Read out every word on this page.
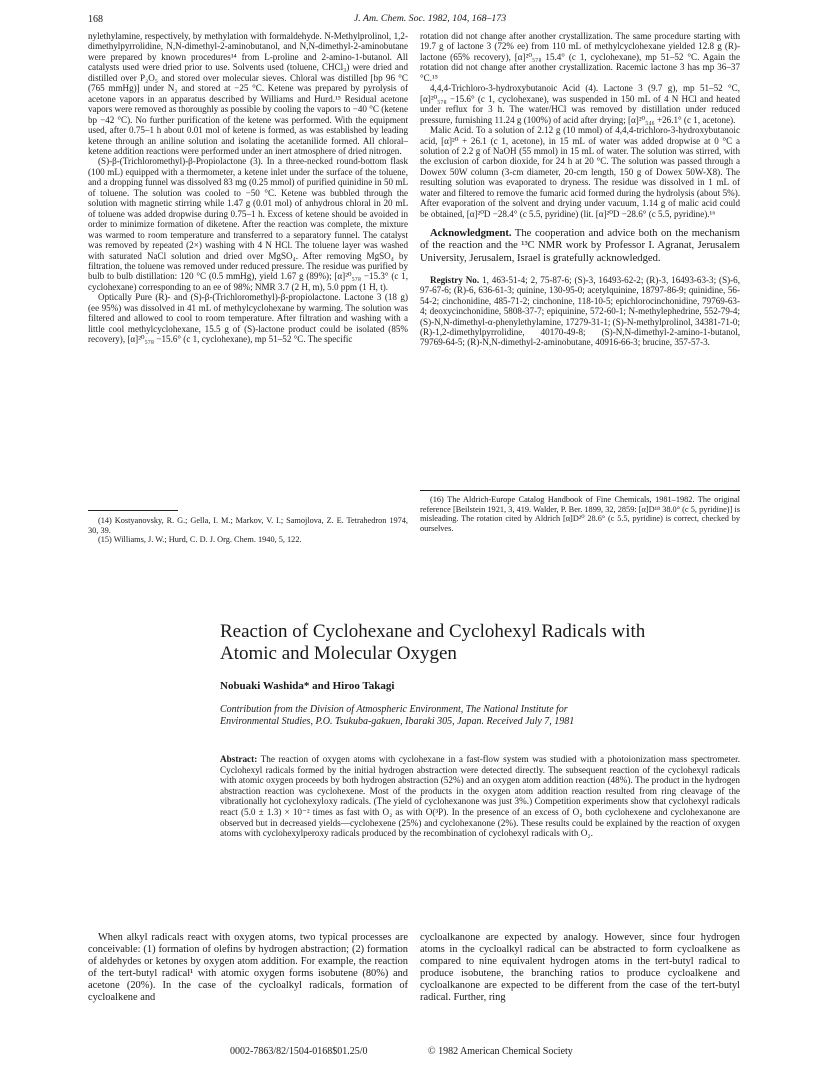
168	J. Am. Chem. Soc. 1982, 104, 168–173

nylethylamine, respectively, by methylation with formaldehyde. N-Methylprolinol, 1,2-dimethylpyrrolidine, N,N-dimethyl-2-aminobutanol, and N,N-dimethyl-2-aminobutane were prepared by known procedures¹⁴ from L-proline and 2-amino-1-butanol. All catalysts used were dried prior to use. Solvents used (toluene, CHCl₃) were dried and distilled over P₂O₅ and stored over molecular sieves. Chloral was distilled [bp 96 °C (765 mmHg)] under N₂ and stored at −25 °C. Ketene was prepared by pyrolysis of acetone vapors in an apparatus described by Williams and Hurd.¹⁵ Residual acetone vapors were removed as thoroughly as possible by cooling the vapors to −40 °C (ketene bp −42 °C). No further purification of the ketene was performed. With the equipment used, after 0.75–1 h about 0.01 mol of ketene is formed, as was established by leading ketene through an aniline solution and isolating the acetanilide formed. All chloral–ketene addition reactions were performed under an inert atmosphere of dried nitrogen.

(S)-β-(Trichloromethyl)-β-Propiolactone (3). In a three-necked round-bottom flask (100 mL) equipped with a thermometer, a ketene inlet under the surface of the toluene, and a dropping funnel was dissolved 83 mg (0.25 mmol) of purified quinidine in 50 mL of toluene. The solution was cooled to −50 °C. Ketene was bubbled through the solution with magnetic stirring while 1.47 g (0.01 mol) of anhydrous chloral in 20 mL of toluene was added dropwise during 0.75–1 h. Excess of ketene should be avoided in order to minimize formation of diketene. After the reaction was complete, the mixture was warmed to room temperature and transferred to a separatory funnel. The catalyst was removed by repeated (2×) washing with 4 N HCl. The toluene layer was washed with saturated NaCl solution and dried over MgSO₄. After removing MgSO₄ by filtration, the toluene was removed under reduced pressure. The residue was purified by bulb to bulb distillation: 120 °C (0.5 mmHg), yield 1.67 g (89%); [α]²⁰₅₇₈ −15.3° (c 1, cyclohexane) corresponding to an ee of 98%; NMR 3.7 (2 H, m), 5.0 ppm (1 H, t).

Optically Pure (R)- and (S)-β-(Trichloromethyl)-β-propiolactone. Lactone 3 (18 g) (ee 95%) was dissolved in 41 mL of methylcyclohexane by warming. The solution was filtered and allowed to cool to room temperature. After filtration and washing with a little cool methylcyclohexane, 15.5 g of (S)-lactone product could be isolated (85% recovery), [α]²⁰₅₇₈ −15.6° (c 1, cyclohexane), mp 51–52 °C. The specific

(14) Kostyanovsky, R. G.; Gella, I. M.; Markov, V. I.; Samojlova, Z. E. Tetrahedron 1974, 30, 39.

(15) Williams, J. W.; Hurd, C. D. J. Org. Chem. 1940, 5, 122.

rotation did not change after another crystallization. The same procedure starting with 19.7 g of lactone 3 (72% ee) from 110 mL of methylcyclohexane yielded 12.8 g (R)-lactone (65% recovery), [α]²⁰₅₇₈ 15.4° (c 1, cyclohexane), mp 51–52 °C. Again the rotation did not change after another crystallization. Racemic lactone 3 has mp 36–37 °C.¹⁵

4,4,4-Trichloro-3-hydroxybutanoic Acid (4). Lactone 3 (9.7 g), mp 51–52 °C, [α]²⁰₅₇₈ −15.6° (c 1, cyclohexane), was suspended in 150 mL of 4 N HCl and heated under reflux for 3 h. The water/HCl was removed by distillation under reduced pressure, furnishing 11.24 g (100%) of acid after drying; [α]²⁰₅₄₆ +26.1° (c 1, acetone).

Malic Acid. To a solution of 2.12 g (10 mmol) of 4,4,4-trichloro-3-hydroxybutanoic acid, [α]²⁰ + 26.1 (c 1, acetone), in 15 mL of water was added dropwise at 0 °C a solution of 2.2 g of NaOH (55 mmol) in 15 mL of water. The solution was stirred, with the exclusion of carbon dioxide, for 24 h at 20 °C. The solution was passed through a Dowex 50W column (3-cm diameter, 20-cm length, 150 g of Dowex 50W-X8). The resulting solution was evaporated to dryness. The residue was dissolved in 1 mL of water and filtered to remove the fumaric acid formed during the hydrolysis (about 5%). After evaporation of the solvent and drying under vacuum, 1.14 g of malic acid could be obtained, [α]²⁰D −28.4° (c 5.5, pyridine) (lit. [α]²⁰D −28.6° (c 5.5, pyridine).¹⁶

Acknowledgment. The cooperation and advice both on the mechanism of the reaction and the ¹³C NMR work by Professor I. Agranat, Jerusalem University, Jerusalem, Israel is gratefully acknowledged.

Registry No. 1, 463-51-4; 2, 75-87-6; (S)-3, 16493-62-2; (R)-3, 16493-63-3; (S)-6, 97-67-6; (R)-6, 636-61-3; quinine, 130-95-0; acetylquinine, 18797-86-9; quinidine, 56-54-2; cinchonidine, 485-71-2; cinchonine, 118-10-5; epichlorocinchonidine, 79769-63-4; deoxycinchonidine, 5808-37-7; epiquinine, 572-60-1; N-methylephedrine, 552-79-4; (S)-N,N-dimethyl-α-phenylethylamine, 17279-31-1; (S)-N-methylprolinol, 34381-71-0; (R)-1,2-dimethylpyrrolidine, 40170-49-8; (S)-N,N-dimethyl-2-amino-1-butanol, 79769-64-5; (R)-N,N-dimethyl-2-aminobutane, 40916-66-3; brucine, 357-57-3.

(16) The Aldrich-Europe Catalog Handbook of Fine Chemicals, 1981–1982. The original reference [Beilstein 1921, 3, 419. Walder, P. Ber. 1899, 32, 2859: [α]D¹⁸ 38.0° (c 5, pyridine)] is misleading. The rotation cited by Aldrich [α]D²⁰ 28.6° (c 5.5, pyridine) is correct, checked by ourselves.

Reaction of Cyclohexane and Cyclohexyl Radicals with
Atomic and Molecular Oxygen
Nobuaki Washida* and Hiroo Takagi
Contribution from the Division of Atmospheric Environment, The National Institute for
Environmental Studies, P.O. Tsukuba-gakuen, Ibaraki 305, Japan. Received July 7, 1981

Abstract: The reaction of oxygen atoms with cyclohexane in a fast-flow system was studied with a photoionization mass spectrometer. Cyclohexyl radicals formed by the initial hydrogen abstraction were detected directly. The subsequent reaction of the cyclohexyl radicals with atomic oxygen proceeds by both hydrogen abstraction (52%) and an oxygen atom addition reaction (48%). The product in the hydrogen abstraction reaction was cyclohexene. Most of the products in the oxygen atom addition reaction resulted from ring cleavage of the vibrationally hot cyclohexyloxy radicals. (The yield of cyclohexanone was just 3%.) Competition experiments show that cyclohexyl radicals react (5.0 ± 1.3) × 10⁻² times as fast with O₂ as with O(³P). In the presence of an excess of O₂ both cyclohexene and cyclohexanone are observed but in decreased yields—cyclohexene (25%) and cyclohexanone (2%). These results could be explained by the reaction of oxygen atoms with cyclohexylperoxy radicals produced by the recombination of cyclohexyl radicals with O₂.

When alkyl radicals react with oxygen atoms, two typical processes are conceivable: (1) formation of olefins by hydrogen abstraction; (2) formation of aldehydes or ketones by oxygen atom addition. For example, the reaction of the tert-butyl radical¹ with atomic oxygen forms isobutene (80%) and acetone (20%). In the case of the cycloalkyl radicals, formation of cycloalkene and

cycloalkanone are expected by analogy. However, since four hydrogen atoms in the cycloalkyl radical can be abstracted to form cycloalkene as compared to nine equivalent hydrogen atoms in the tert-butyl radical to produce isobutene, the branching ratios to produce cycloalkene and cycloalkanone are expected to be different from the case of the tert-butyl radical. Further, ring

0002-7863/82/1504-0168$01.25/0	© 1982 American Chemical Society
